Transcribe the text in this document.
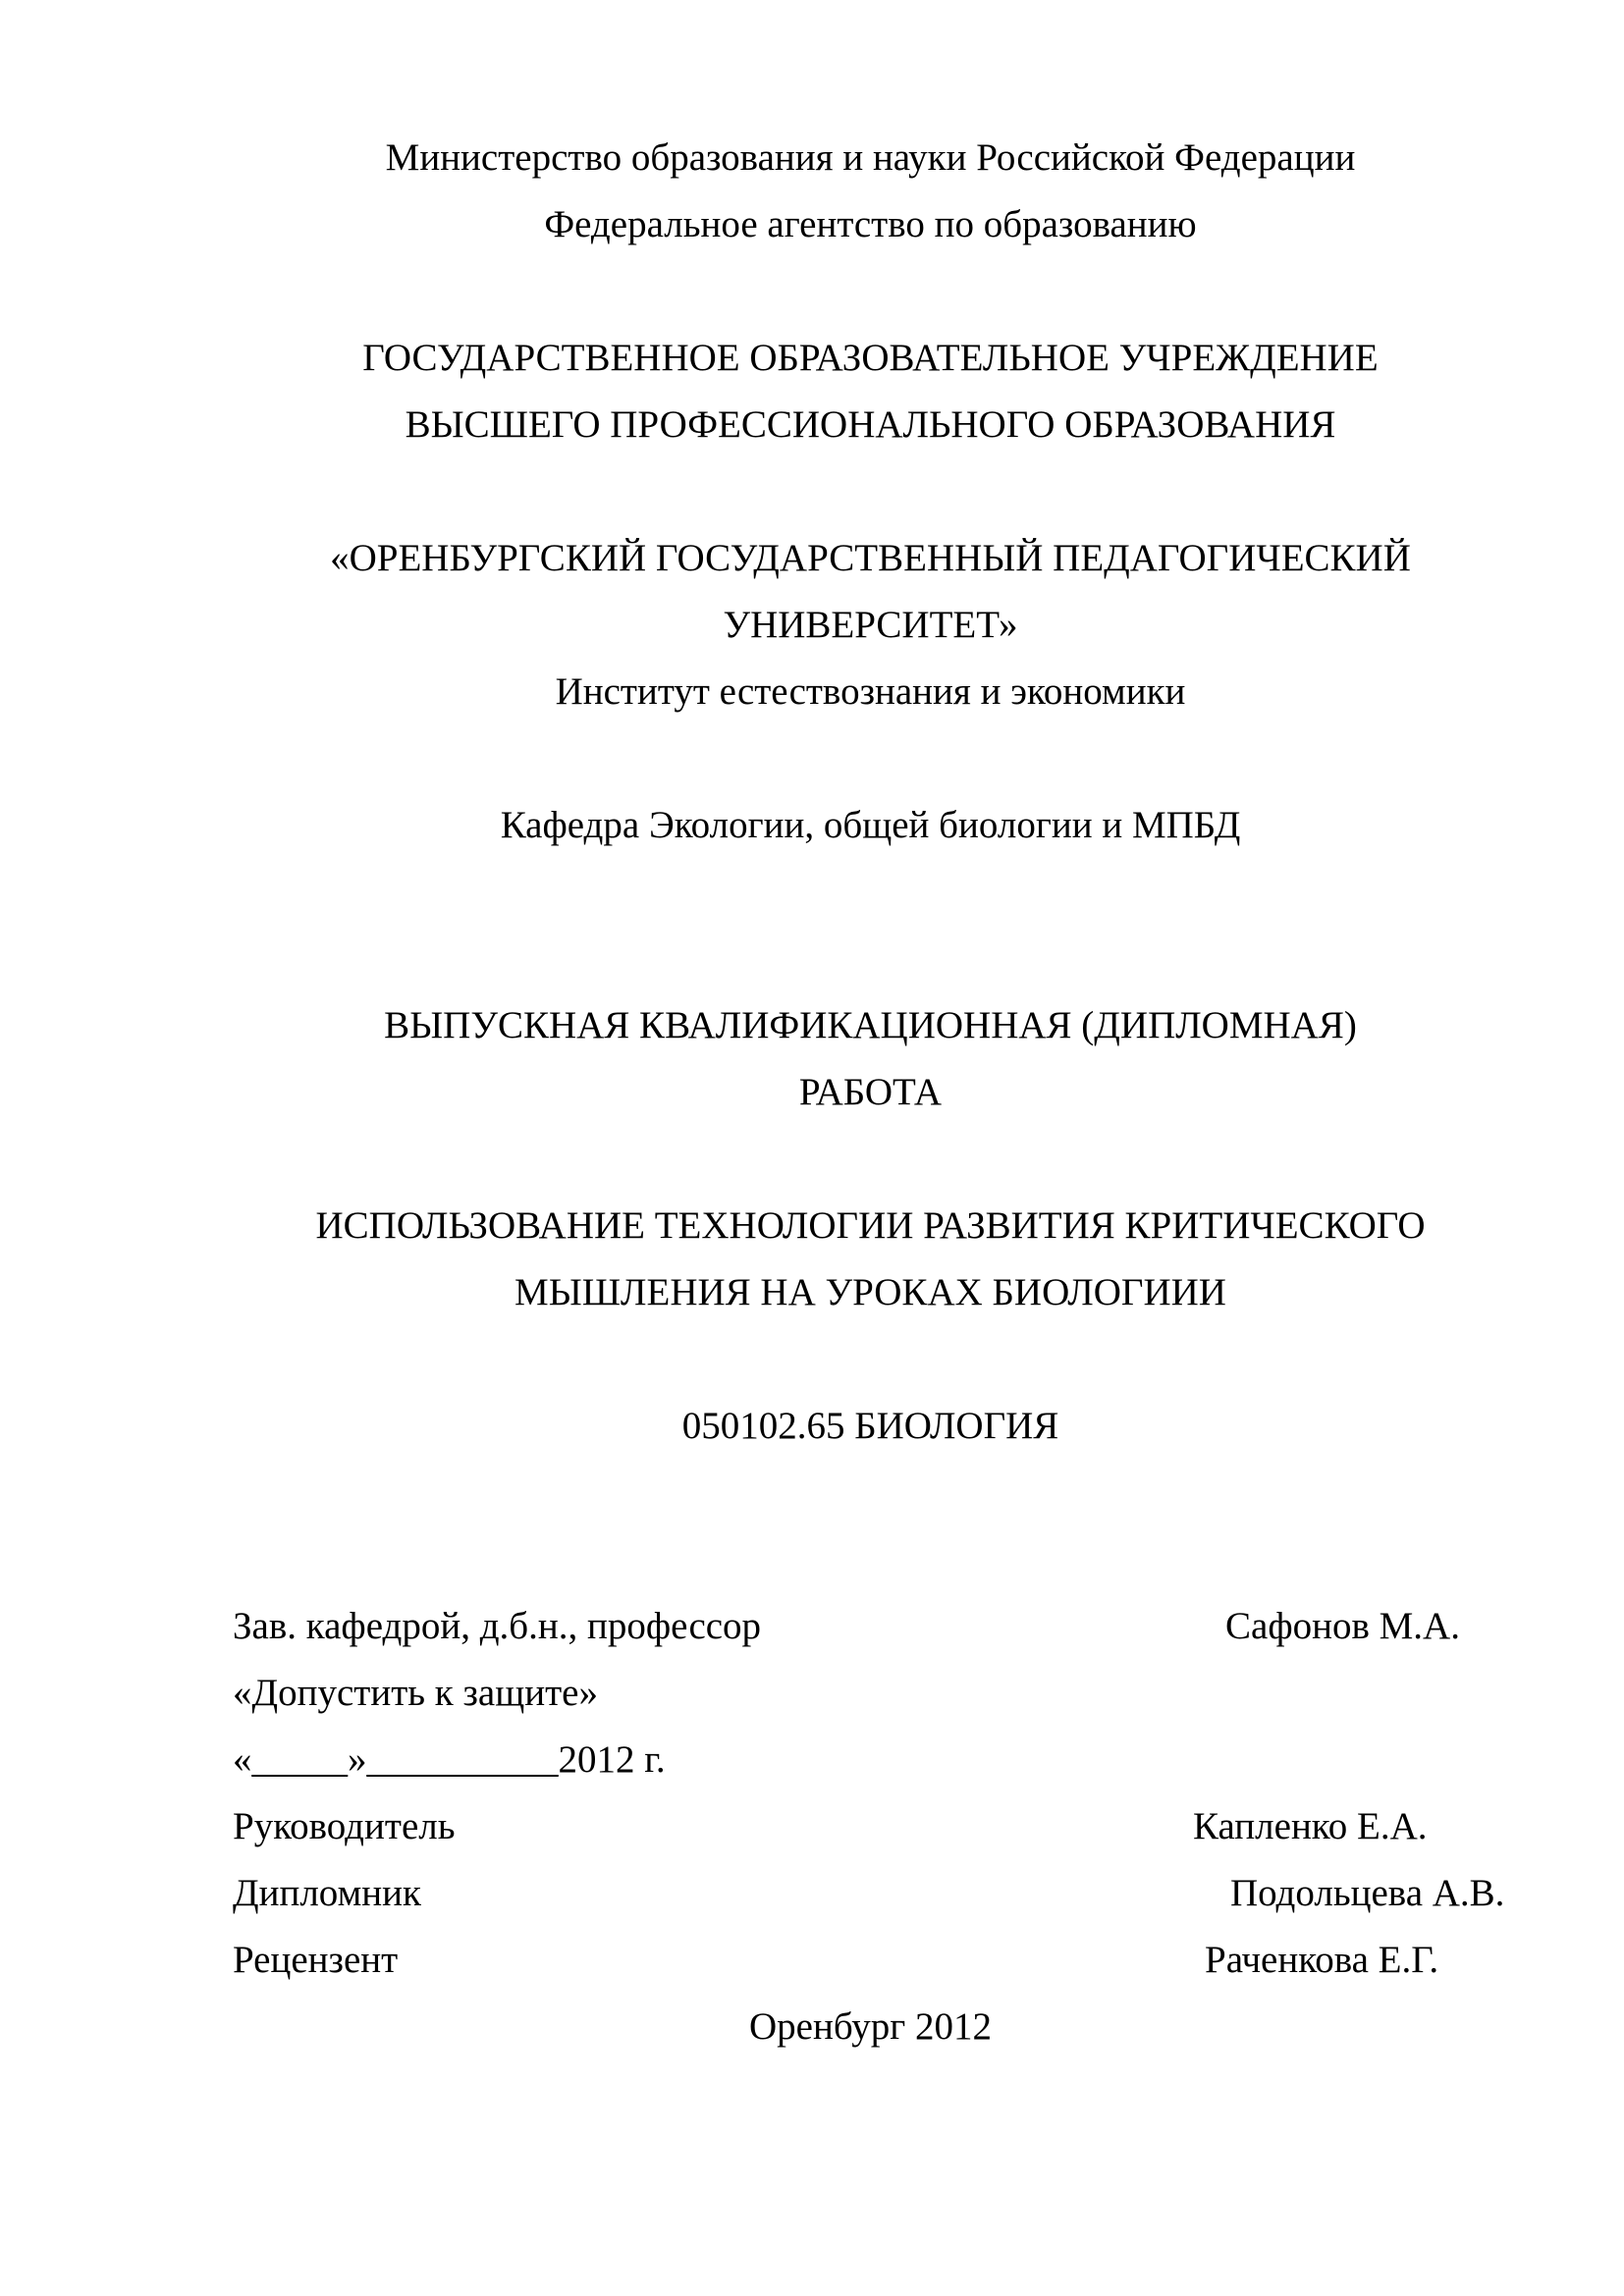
Министерство образования и науки Российской Федерации

Федеральное агентство по образованию

ГОСУДАРСТВЕННОЕ ОБРАЗОВАТЕЛЬНОЕ УЧРЕЖДЕНИЕ

ВЫСШЕГО ПРОФЕССИОНАЛЬНОГО ОБРАЗОВАНИЯ

«ОРЕНБУРГСКИЙ ГОСУДАРСТВЕННЫЙ ПЕДАГОГИЧЕСКИЙ

УНИВЕРСИТЕТ»

Институт естествознания и экономики

Кафедра Экологии, общей биологии и МПБД

ВЫПУСКНАЯ КВАЛИФИКАЦИОННАЯ (ДИПЛОМНАЯ)

РАБОТА

ИСПОЛЬЗОВАНИЕ ТЕХНОЛОГИИ РАЗВИТИЯ КРИТИЧЕСКОГО

МЫШЛЕНИЯ НА УРОКАХ БИОЛОГИИИ

050102.65 БИОЛОГИЯ

Зав. кафедрой, д.б.н., профессор	Сафонов М.А.

«Допустить к защите»

«_____»__________2012 г.

Руководитель	Капленко Е.А.

Дипломник	Подольцева А.В.

Рецензент	Раченкова Е.Г.

Оренбург 2012
